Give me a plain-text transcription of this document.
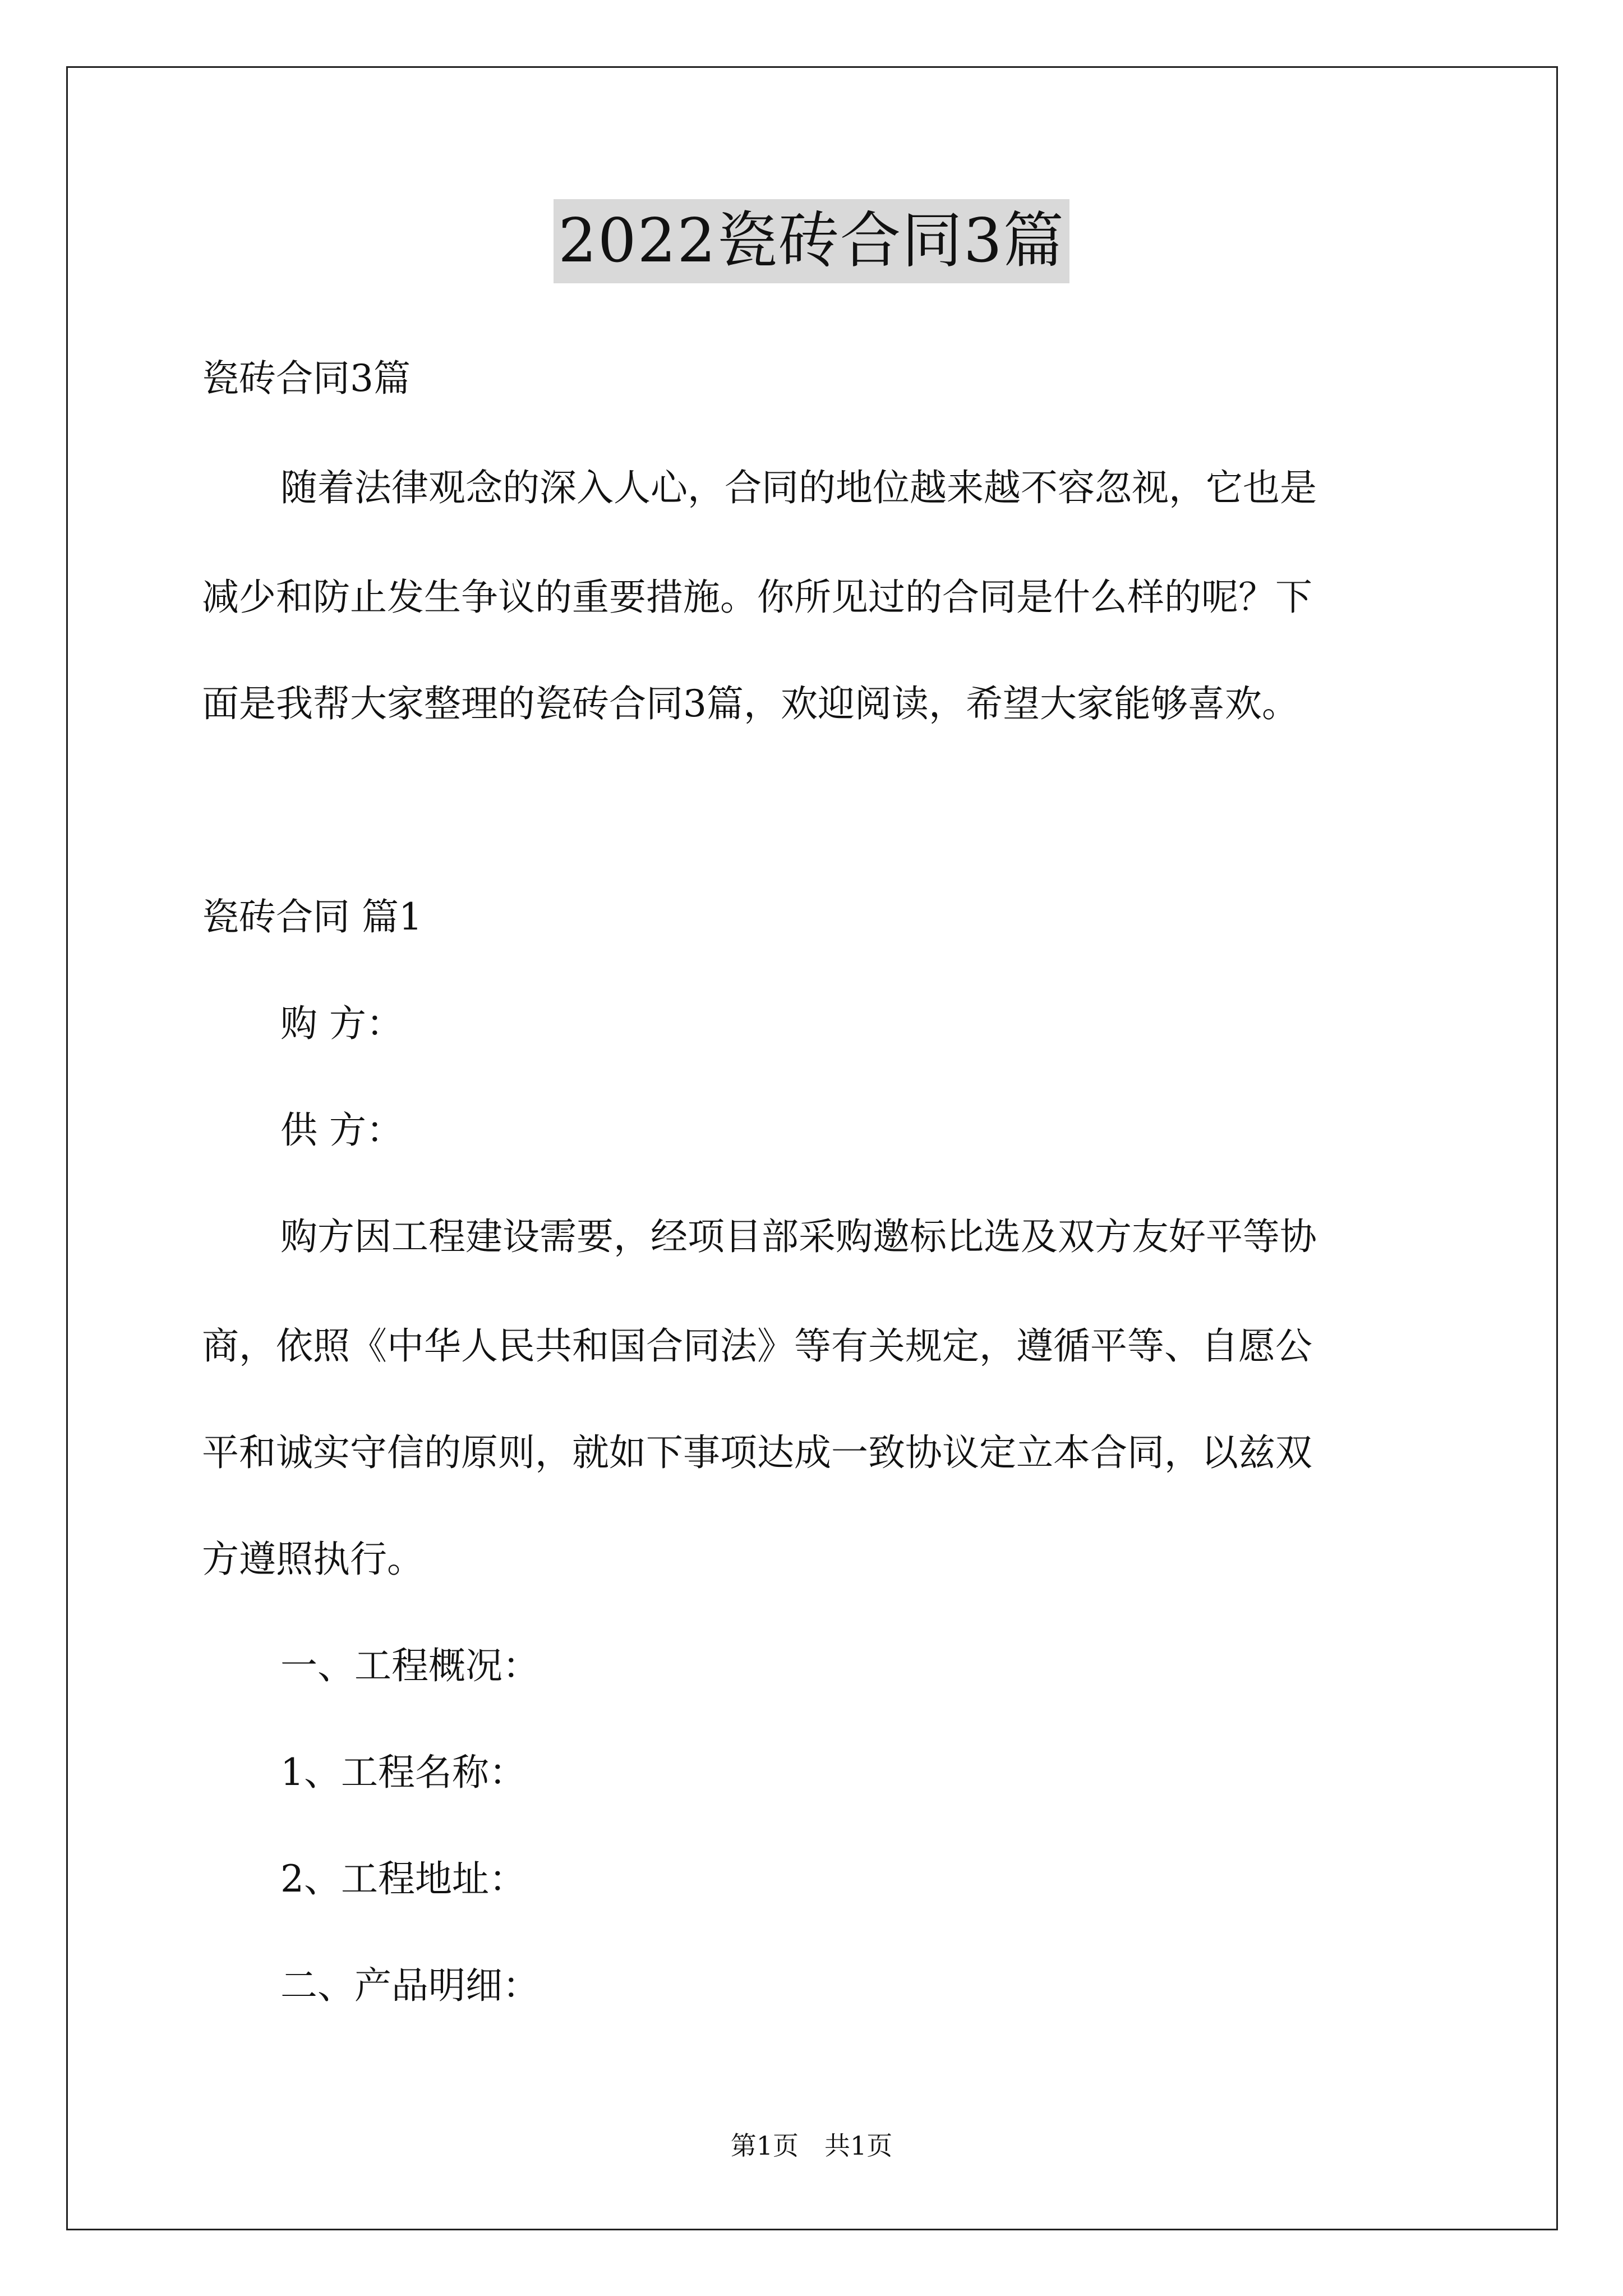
2022瓷砖合同3篇
瓷砖合同3篇
随着法律观念的深入人心，合同的地位越来越不容忽视，它也是
减少和防止发生争议的重要措施。你所见过的合同是什么样的呢？下
面是我帮大家整理的瓷砖合同3篇，欢迎阅读，希望大家能够喜欢。
瓷砖合同 篇1
购 方：
供 方：
购方因工程建设需要，经项目部采购邀标比选及双方友好平等协
商，依照《中华人民共和国合同法》等有关规定，遵循平等、自愿公
平和诚实守信的原则，就如下事项达成一致协议定立本合同，以兹双
方遵照执行。
一、工程概况：
1、工程名称：
2、工程地址：
二、产品明细：
第1页　共1页
